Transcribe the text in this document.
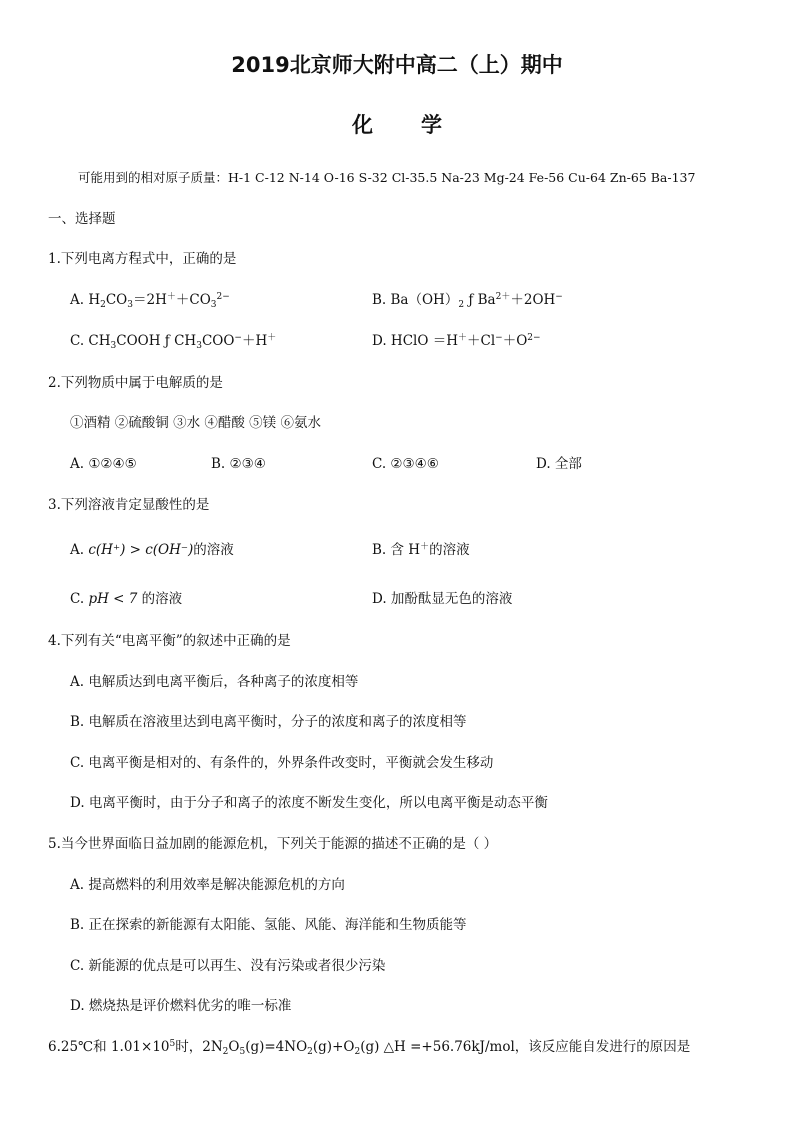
2019北京师大附中高二（上）期中
化 学
可能用到的相对原子质量：H-1 C-12 N-14 O-16 S-32 Cl-35.5 Na-23 Mg-24 Fe-56 Cu-64 Zn-65 Ba-137
一、选择题
1.下列电离方程式中，正确的是
A. $H_2CO_3=2H^++CO_3^{2-}$	B. $Ba(OH)_2$ ƒ $Ba^{2+}+2OH^-$
C. $CH_3COOH$ ƒ $CH_3COO^-+H^+$	D. HClO $=H^++Cl^-+O^{2-}$
2.下列物质中属于电解质的是
①酒精 ②硫酸铜 ③水 ④醋酸 ⑤镁 ⑥氨水
A. ①②④⑤	B. ②③④	C. ②③④⑥	D. 全部
3.下列溶液肯定显酸性的是
A. c(H⁺) > c(OH⁻)的溶液	B. 含 H＋的溶液
C. pH < 7 的溶液	D. 加酚酞显无色的溶液
4.下列有关“电离平衡”的叙述中正确的是
A. 电解质达到电离平衡后，各种离子的浓度相等
B. 电解质在溶液里达到电离平衡时，分子的浓度和离子的浓度相等
C. 电离平衡是相对的、有条件的，外界条件改变时，平衡就会发生移动
D. 电离平衡时，由于分子和离子的浓度不断发生变化，所以电离平衡是动态平衡
5.当今世界面临日益加剧的能源危机，下列关于能源的描述不正确的是（ ）
A. 提高燃料的利用效率是解决能源危机的方向
B. 正在探索的新能源有太阳能、氢能、风能、海洋能和生物质能等
C. 新能源的优点是可以再生、没有污染或者很少污染
D. 燃烧热是评价燃料优劣的唯一标准
6.25℃和 $1.01\times 10^5$时，$2N_2O_5(g)=4NO_2(g)+O_2(g)$ △H =+56.76kJ/mol，该反应能自发进行的原因是
